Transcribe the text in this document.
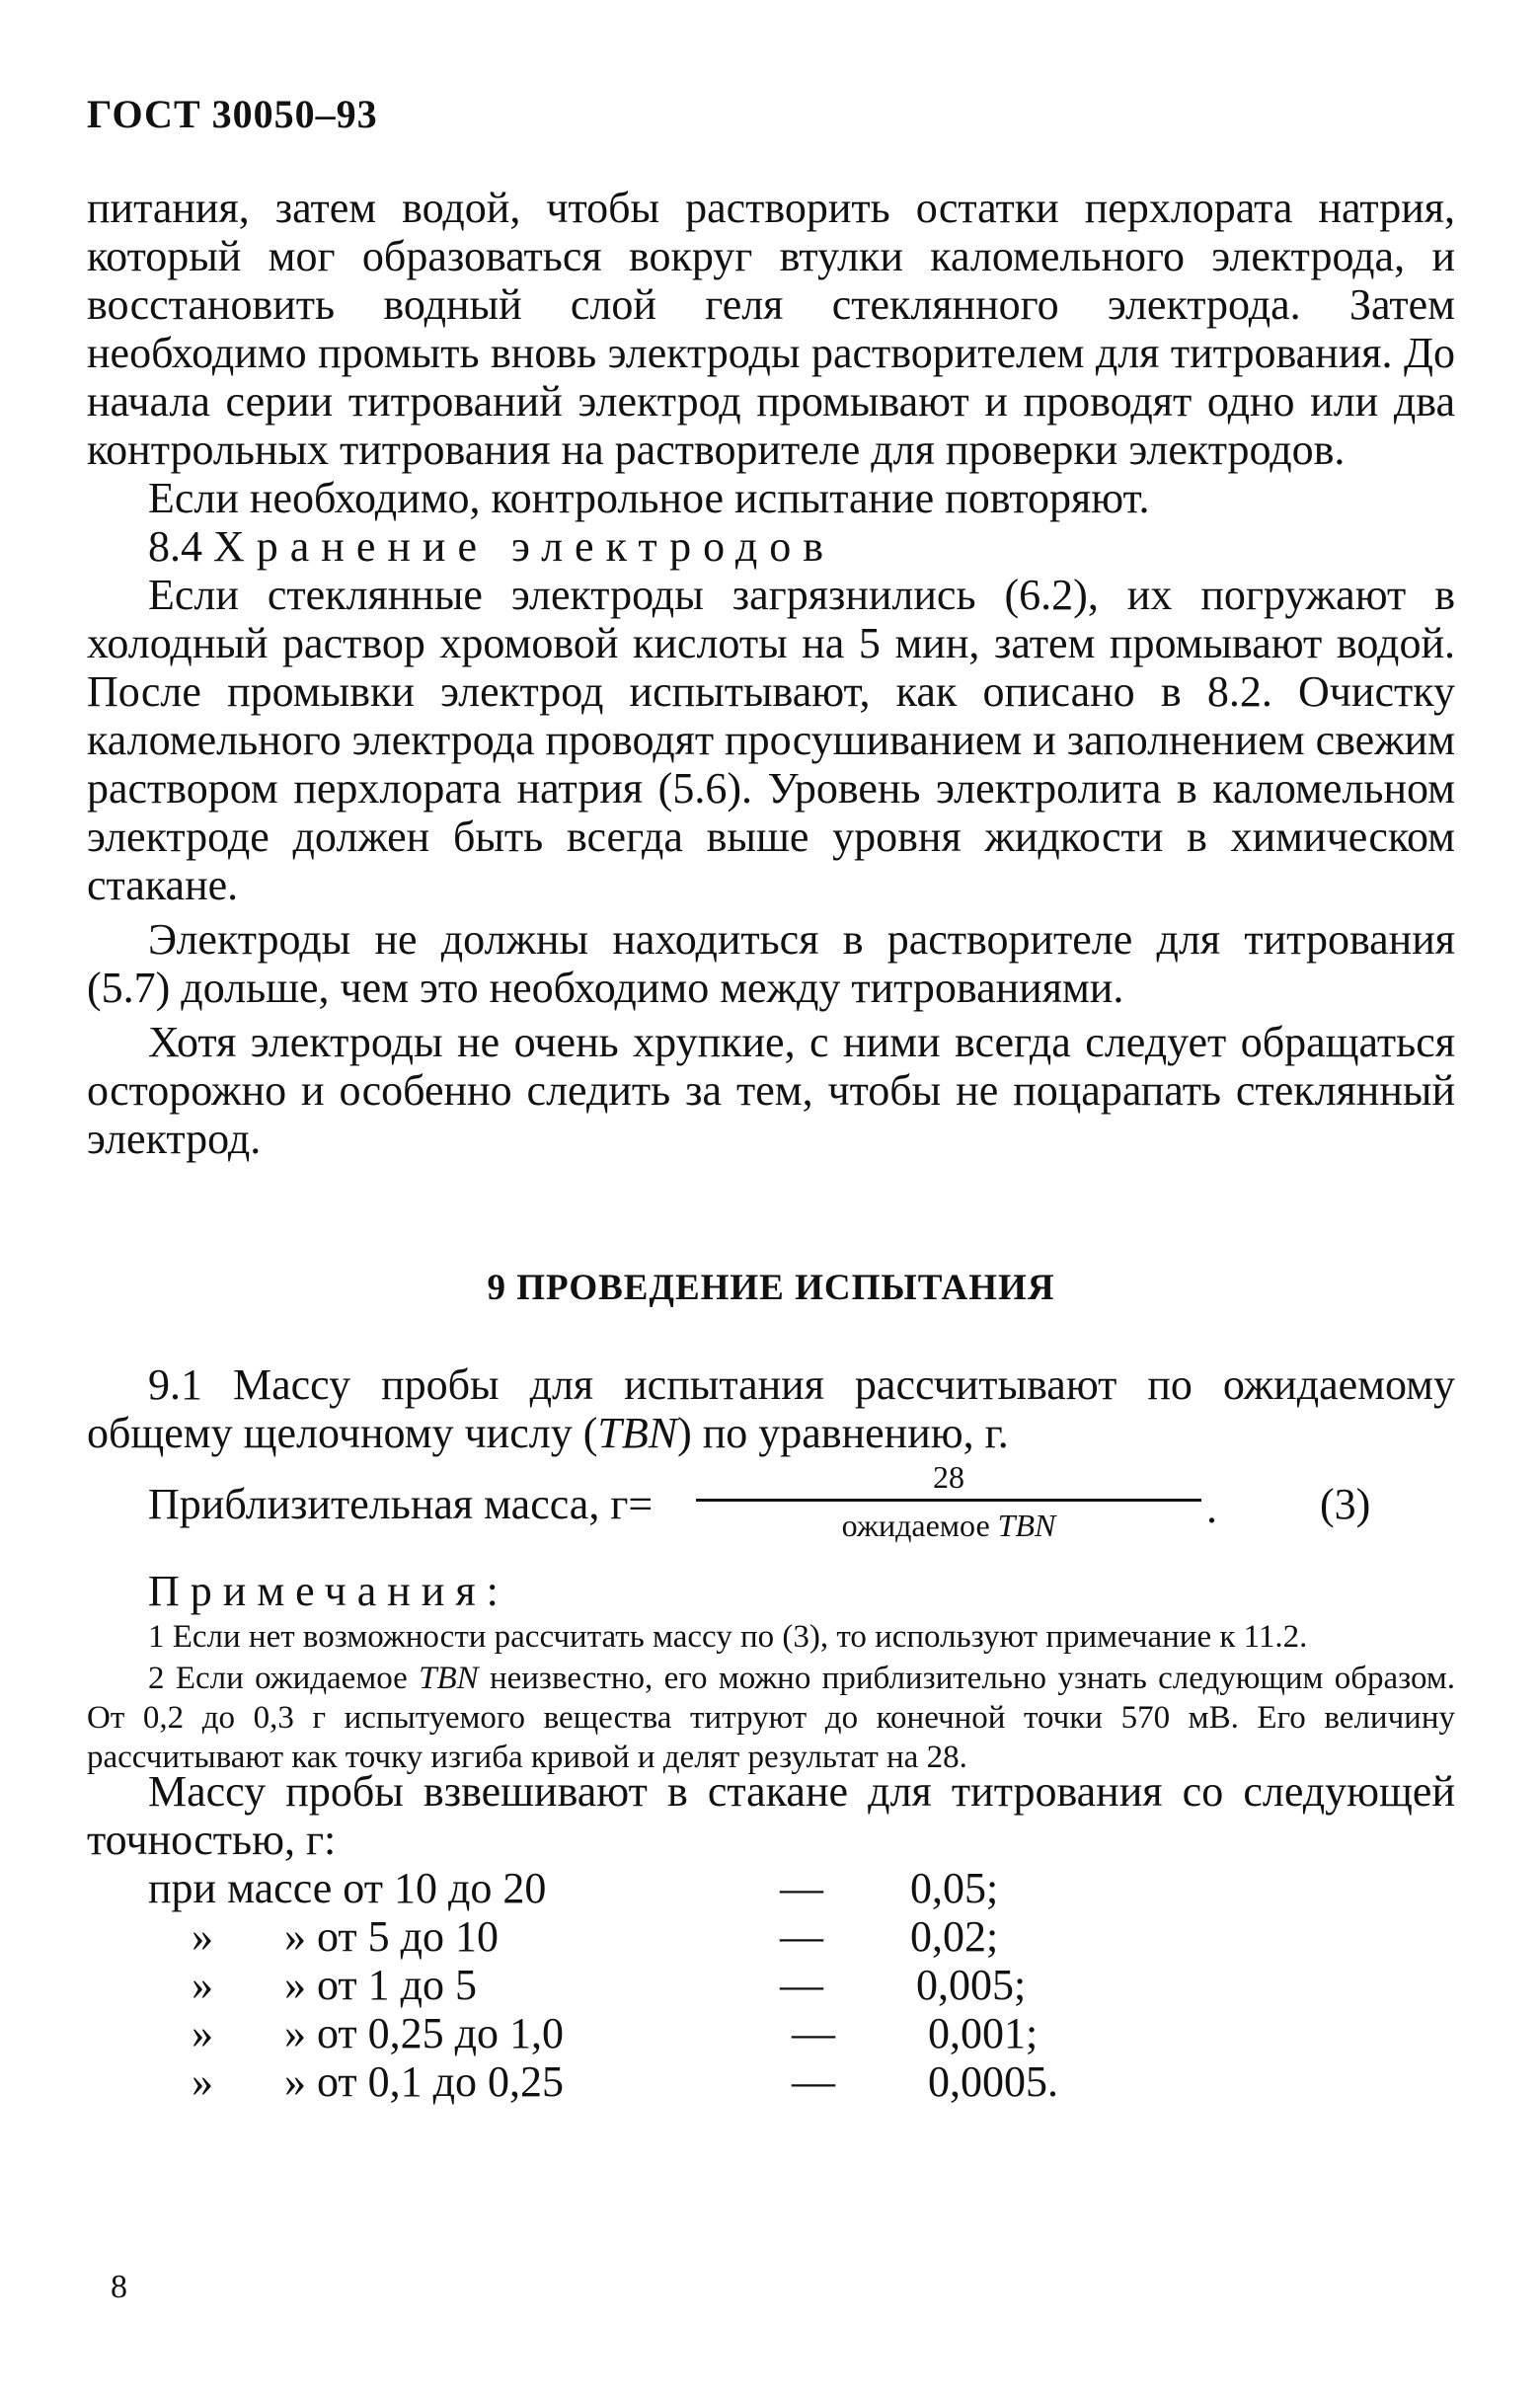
ГОСТ 30050–93

питания, затем водой, чтобы растворить остатки перхлората натрия, который мог образоваться вокруг втулки каломельного электрода, и восстановить водный слой геля стеклянного электрода. Затем необходимо промыть вновь электроды растворителем для титрования. До начала серии титрований электрод промывают и проводят одно или два контрольных титрования на растворителе для проверки электродов.

Если необходимо, контрольное испытание повторяют.

8.4 Хранение электродов

Если стеклянные электроды загрязнились (6.2), их погружают в холодный раствор хромовой кислоты на 5 мин, затем промывают водой. После промывки электрод испытывают, как описано в 8.2. Очистку каломельного электрода проводят просушиванием и заполнением свежим раствором перхлората натрия (5.6). Уровень электролита в каломельном электроде должен быть всегда выше уровня жидкости в химическом стакане.

Электроды не должны находиться в растворителе для титрования (5.7) дольше, чем это необходимо между титрованиями.

Хотя электроды не очень хрупкие, с ними всегда следует обращаться осторожно и особенно следить за тем, чтобы не поцарапать стеклянный электрод.

9 ПРОВЕДЕНИЕ ИСПЫТАНИЯ

9.1 Массу пробы для испытания рассчитывают по ожидаемому общему щелочному числу (TBN) по уравнению, г.

Приблизительная масса, г=
28
ожидаемое TBN	. (3)
Примечания:

1 Если нет возможности рассчитать массу по (3), то используют примечание к 11.2.

2 Если ожидаемое TBN неизвестно, его можно приблизительно узнать следующим образом. От 0,2 до 0,3 г испытуемого вещества титруют до конечной точки 570 мВ. Его величину рассчитывают как точку изгиба кривой и делят результат на 28.

Массу пробы взвешивают в стакане для титрования со следующей точностью, г:

при массе от 10 до 20	— 0,05;
» » от 5 до 10	— 0,02;
» » от 1 до 5	— 0,005;
» » от 0,25 до 1,0	— 0,001;
» » от 0,1 до 0,25	— 0,0005.
8
